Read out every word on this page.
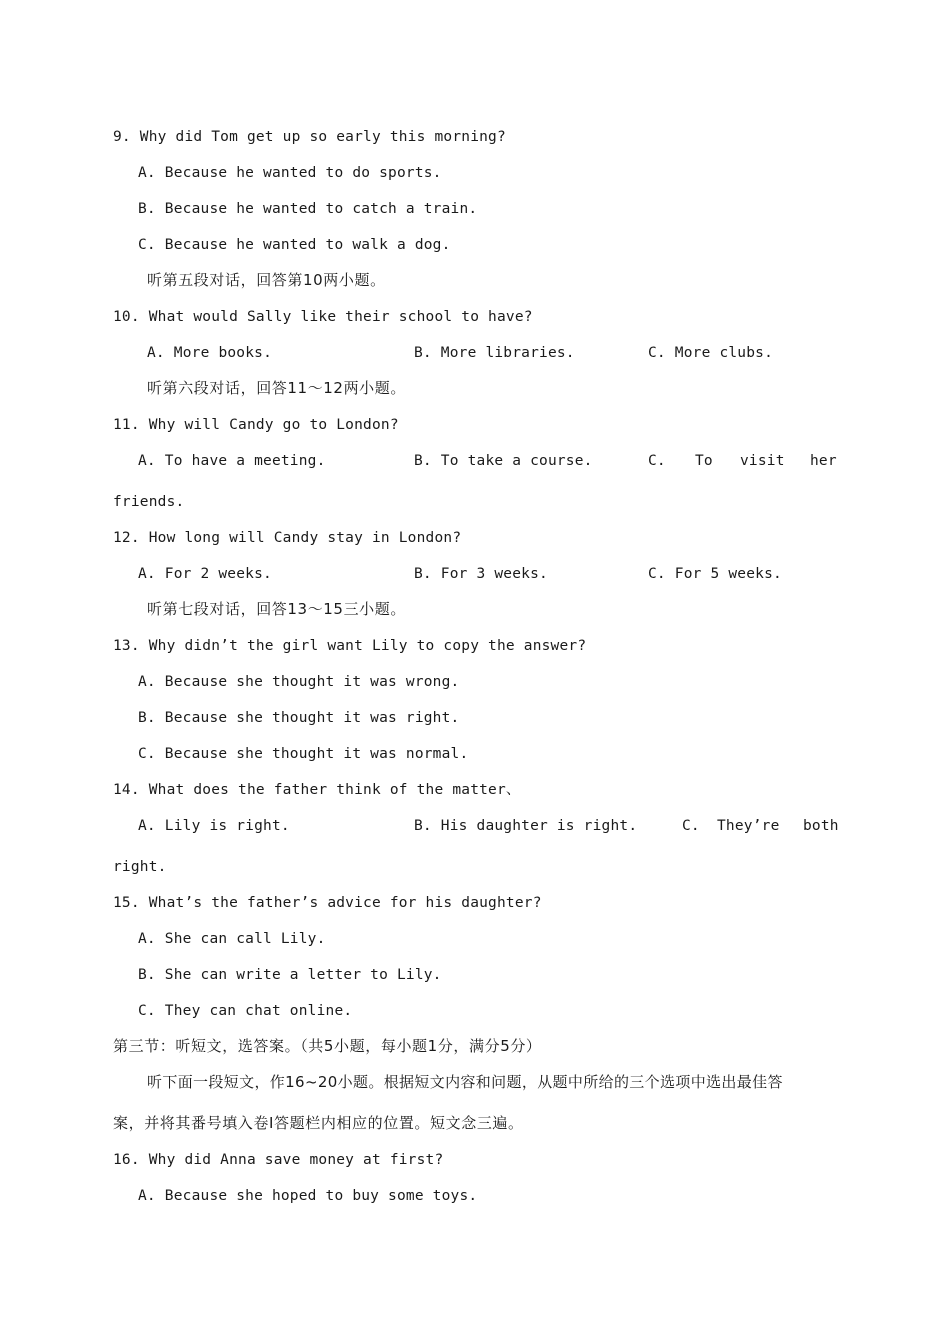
9. Why did Tom get up so early this morning?
A. Because he wanted to do sports.
B. Because he wanted to catch a train.
C. Because he wanted to walk a dog.
听第五段对话，回答第10两小题。
10. What would Sally like their school to have?
A. More books.	B. More libraries.	C. More clubs.
听第六段对话，回答11～12两小题。
11. Why will Candy go to London?
A. To have a meeting.	B. To take a course.	C. To visit her
friends.
12. How long will Candy stay in London?
A. For 2 weeks.	B. For 3 weeks.	C. For 5 weeks.
听第七段对话，回答13～15三小题。
13. Why didn’t the girl want Lily to copy the answer?
A. Because she thought it was wrong.
B. Because she thought it was right.
C. Because she thought it was normal.
14. What does the father think of the matter、
A. Lily is right.	B. His daughter is right.	C. They’re both
right.
15. What’s the father’s advice for his daughter?
A. She can call Lily.
B. She can write a letter to Lily.
C. They can chat online.
第三节：听短文，选答案。（共5小题，每小题1分，满分5分）
听下面一段短文，作16~20小题。根据短文内容和问题，从题中所给的三个选项中选出最佳答
案，并将其番号填入卷Ⅰ答题栏内相应的位置。短文念三遍。
16. Why did Anna save money at first?
A. Because she hoped to buy some toys.
